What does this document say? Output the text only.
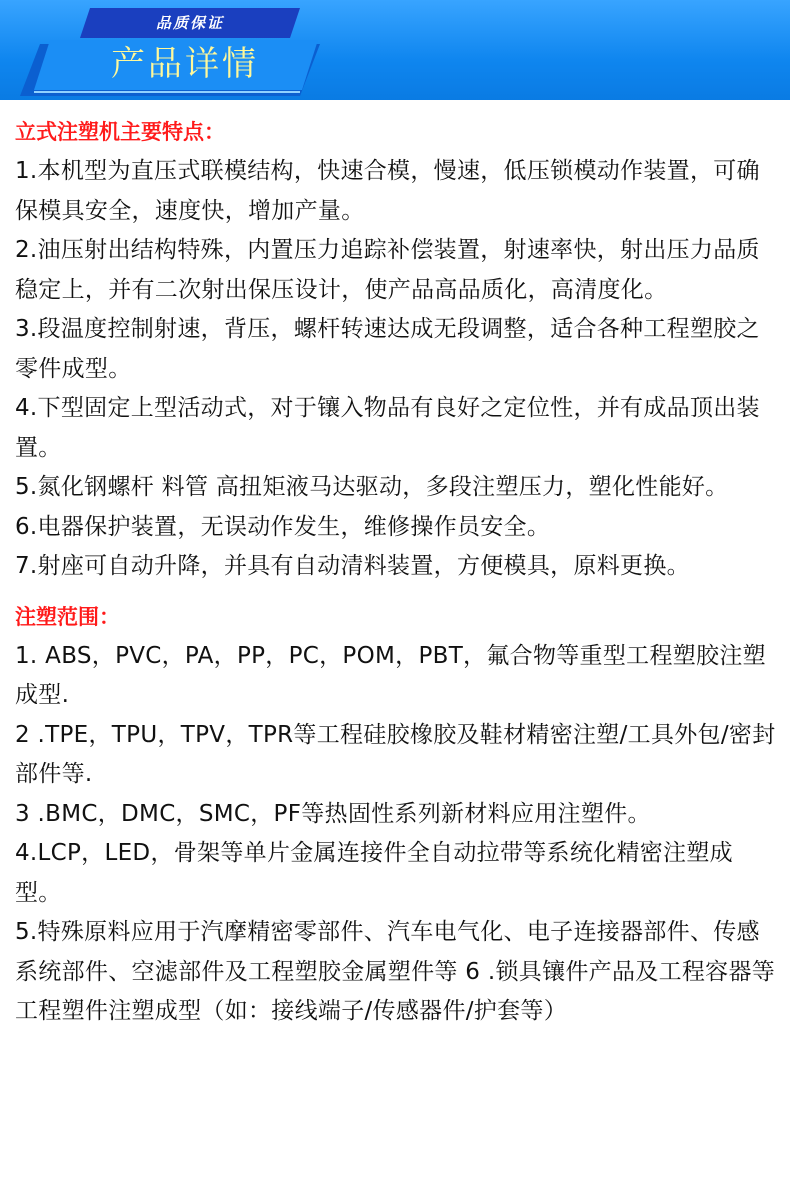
品质保证
产品详情

立式注塑机主要特点：

1.本机型为直压式联模结构，快速合模，慢速，低压锁模动作装置，可确保模具安全，速度快，增加产量。

2.油压射出结构特殊，内置压力追踪补偿装置，射速率快，射出压力品质稳定上，并有二次射出保压设计，使产品高品质化，高清度化。

3.段温度控制射速，背压，螺杆转速达成无段调整，适合各种工程塑胶之零件成型。

4.下型固定上型活动式，对于镶入物品有良好之定位性，并有成品顶出装置。

5.氮化钢螺杆 料管 高扭矩液马达驱动，多段注塑压力，塑化性能好。

6.电器保护装置，无误动作发生，维修操作员安全。

7.射座可自动升降，并具有自动清料装置，方便模具，原料更换。

注塑范围：

1. ABS，PVC，PA，PP，PC，POM，PBT，氟合物等重型工程塑胶注塑成型.

2 .TPE，TPU，TPV，TPR等工程硅胶橡胶及鞋材精密注塑/工具外包/密封部件等.

3 .BMC，DMC，SMC，PF等热固性系列新材料应用注塑件。

4.LCP，LED，骨架等单片金属连接件全自动拉带等系统化精密注塑成型。

5.特殊原料应用于汽摩精密零部件、汽车电气化、电子连接器部件、传感系统部件、空滤部件及工程塑胶金属塑件等 6 .锁具镶件产品及工程容器等工程塑件注塑成型（如：接线端子/传感器件/护套等）
